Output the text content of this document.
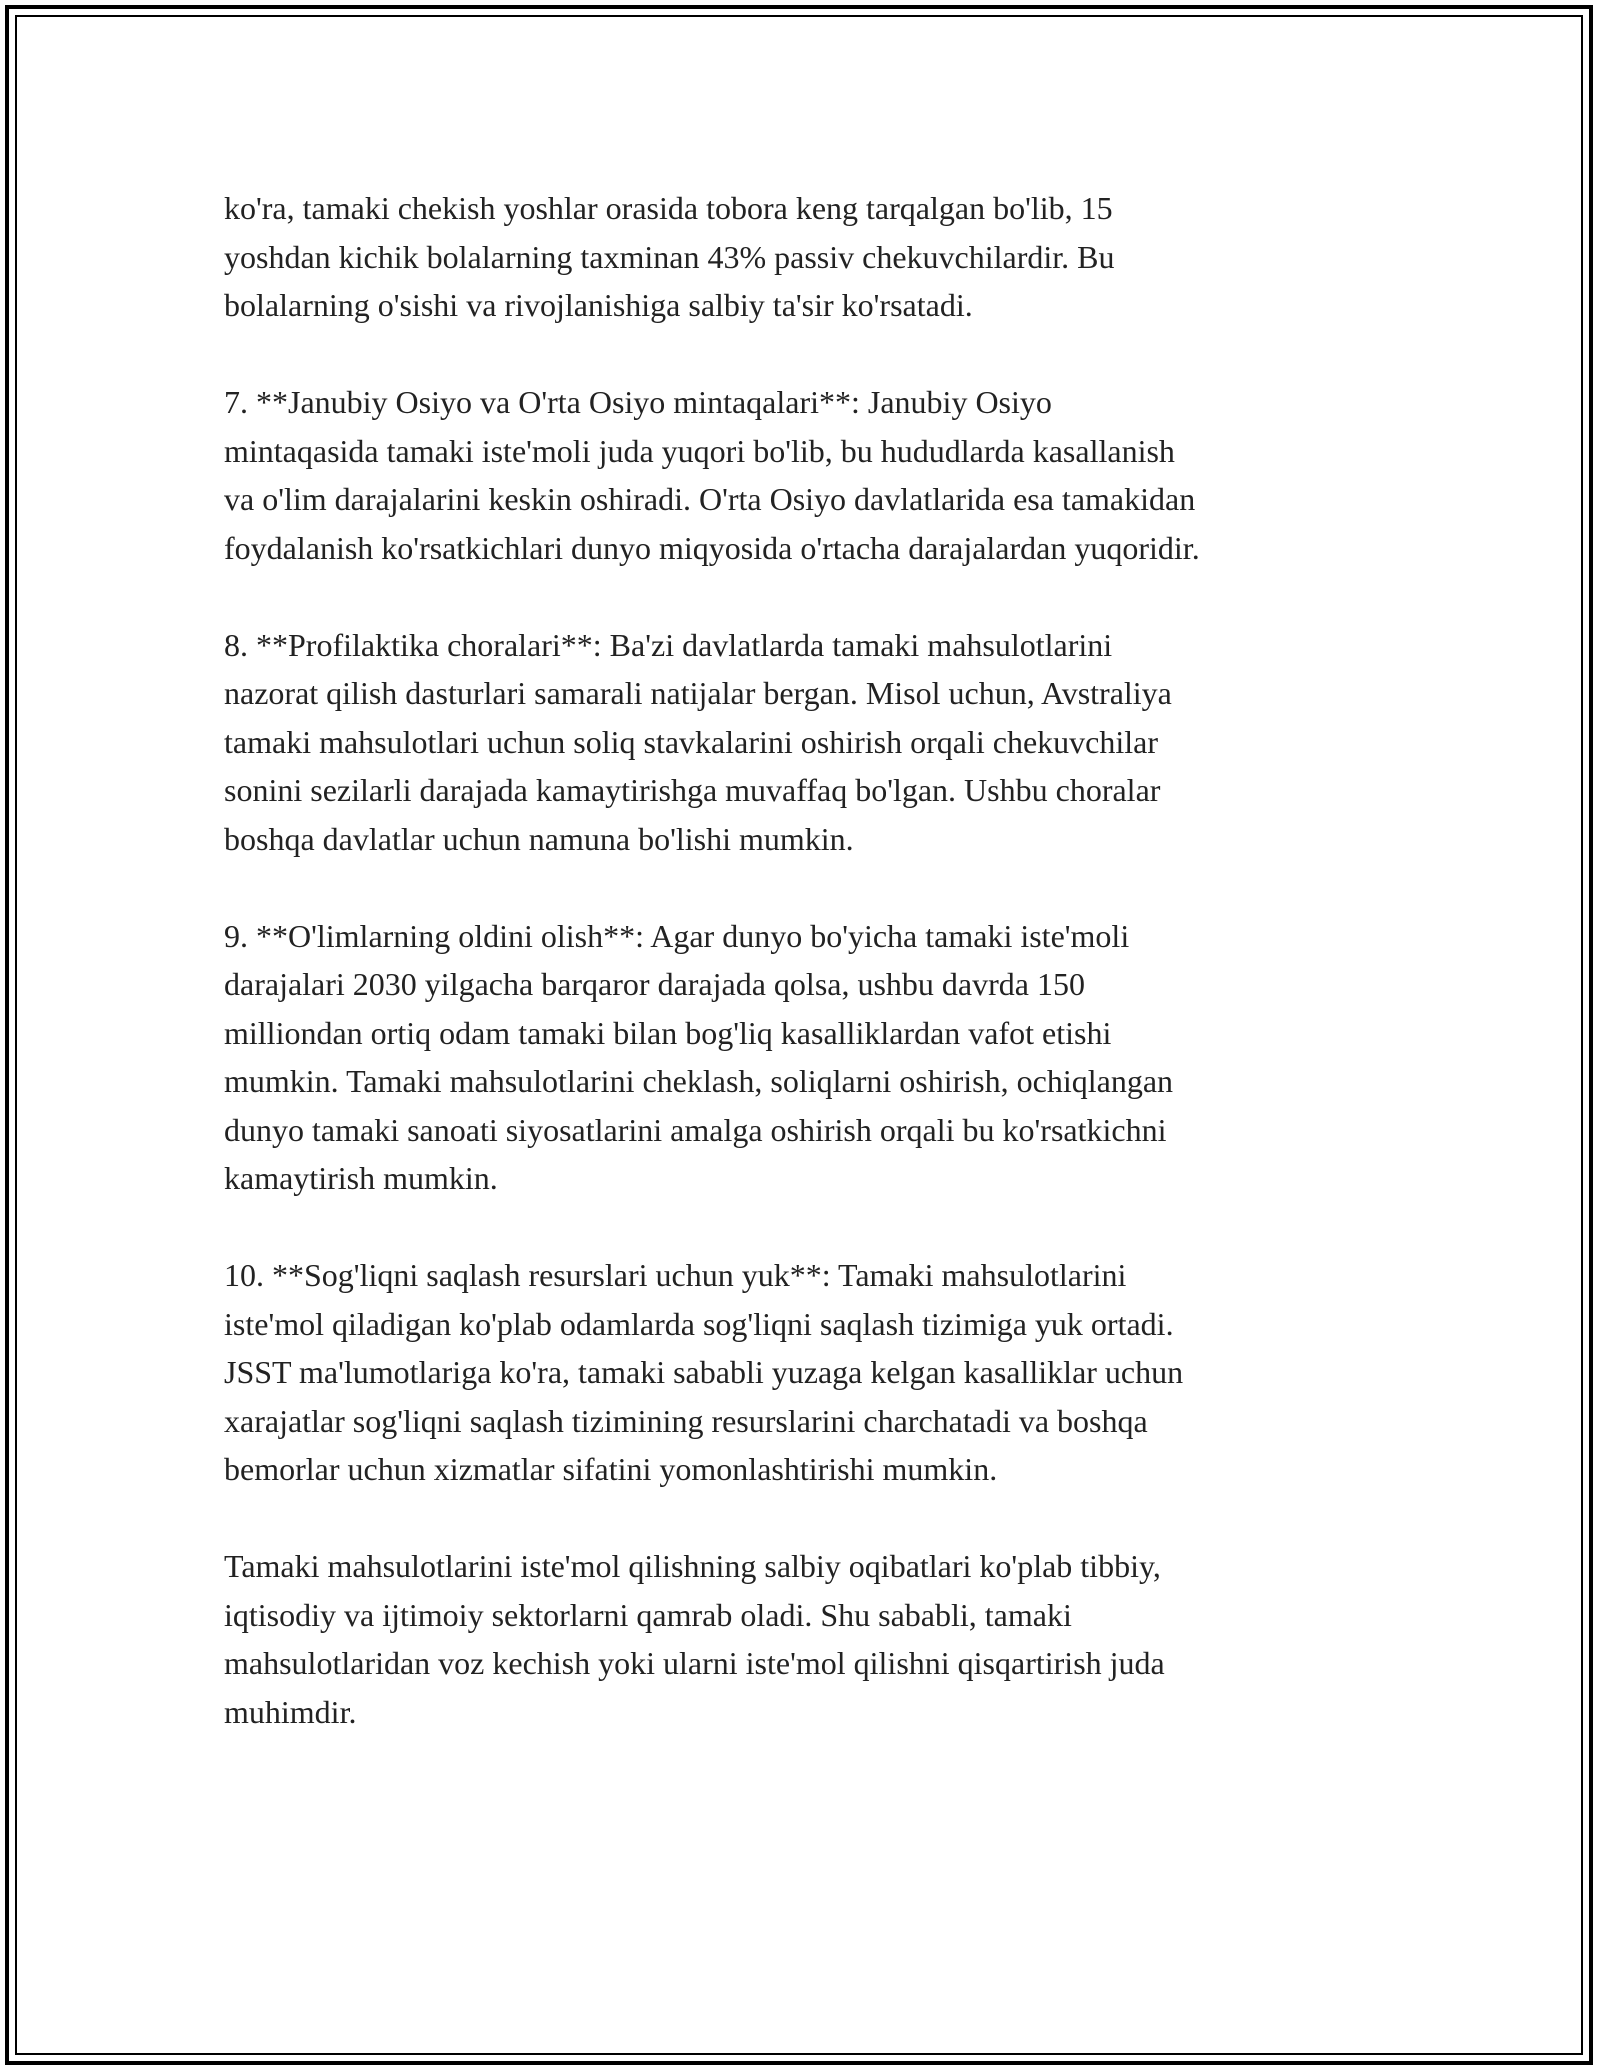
ko'ra, tamaki chekish yoshlar orasida tobora keng tarqalgan bo'lib, 15
yoshdan kichik bolalarning taxminan 43% passiv chekuvchilardir. Bu
bolalarning o'sishi va rivojlanishiga salbiy ta'sir ko'rsatadi.

7. **Janubiy Osiyo va O'rta Osiyo mintaqalari**: Janubiy Osiyo
mintaqasida tamaki iste'moli juda yuqori bo'lib, bu hududlarda kasallanish
va o'lim darajalarini keskin oshiradi. O'rta Osiyo davlatlarida esa tamakidan
foydalanish ko'rsatkichlari dunyo miqyosida o'rtacha darajalardan yuqoridir.

8. **Profilaktika choralari**: Ba'zi davlatlarda tamaki mahsulotlarini
nazorat qilish dasturlari samarali natijalar bergan. Misol uchun, Avstraliya
tamaki mahsulotlari uchun soliq stavkalarini oshirish orqali chekuvchilar
sonini sezilarli darajada kamaytirishga muvaffaq bo'lgan. Ushbu choralar
boshqa davlatlar uchun namuna bo'lishi mumkin.

9. **O'limlarning oldini olish**: Agar dunyo bo'yicha tamaki iste'moli
darajalari 2030 yilgacha barqaror darajada qolsa, ushbu davrda 150
milliondan ortiq odam tamaki bilan bog'liq kasalliklardan vafot etishi
mumkin. Tamaki mahsulotlarini cheklash, soliqlarni oshirish, ochiqlangan
dunyo tamaki sanoati siyosatlarini amalga oshirish orqali bu ko'rsatkichni
kamaytirish mumkin.

10. **Sog'liqni saqlash resurslari uchun yuk**: Tamaki mahsulotlarini
iste'mol qiladigan ko'plab odamlarda sog'liqni saqlash tizimiga yuk ortadi.
JSST ma'lumotlariga ko'ra, tamaki sababli yuzaga kelgan kasalliklar uchun
xarajatlar sog'liqni saqlash tizimining resurslarini charchatadi va boshqa
bemorlar uchun xizmatlar sifatini yomonlashtirishi mumkin.

Tamaki mahsulotlarini iste'mol qilishning salbiy oqibatlari ko'plab tibbiy,
iqtisodiy va ijtimoiy sektorlarni qamrab oladi. Shu sababli, tamaki
mahsulotlaridan voz kechish yoki ularni iste'mol qilishni qisqartirish juda
muhimdir.
